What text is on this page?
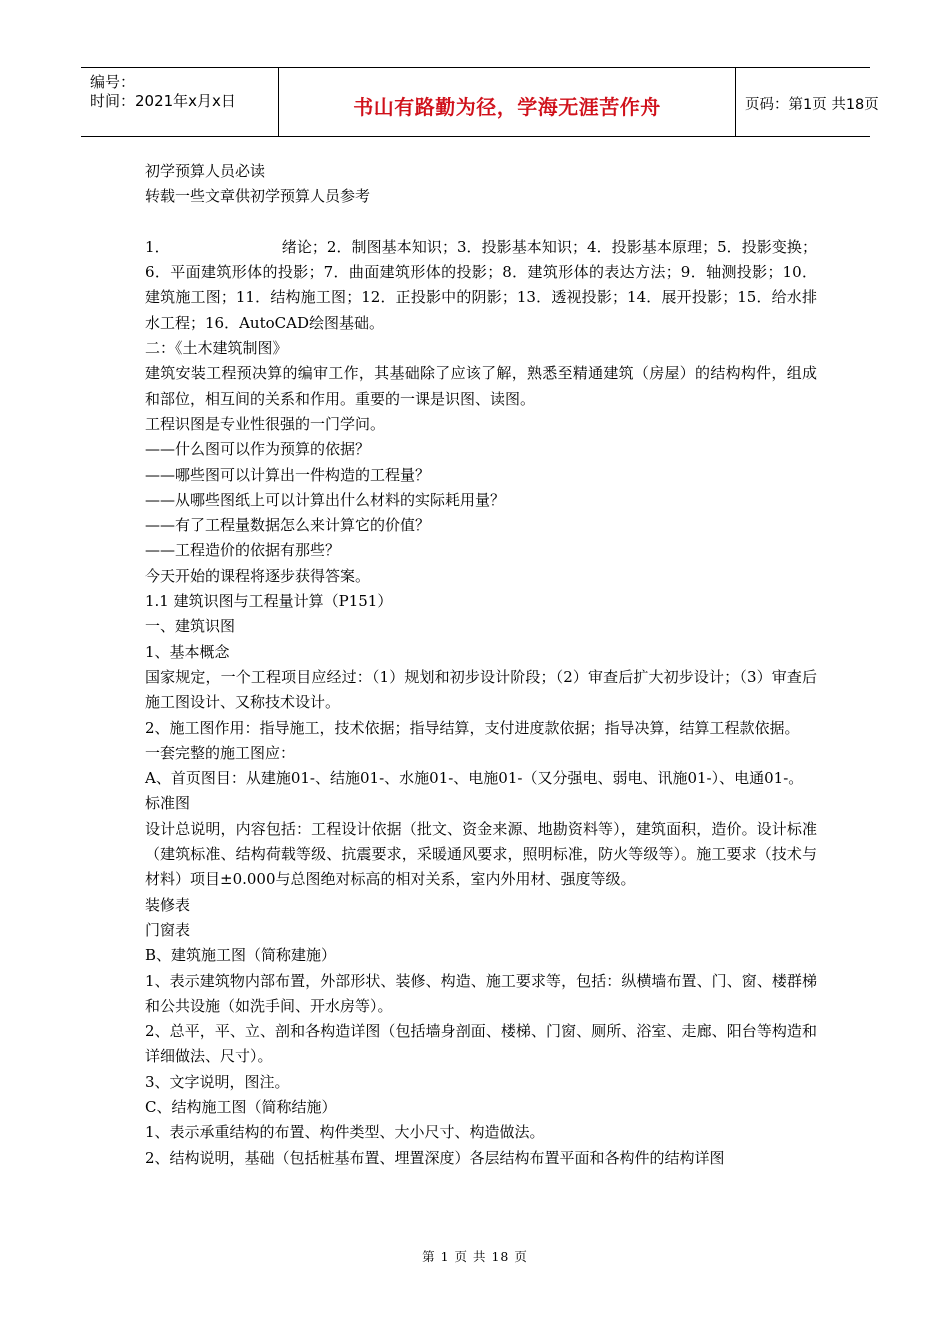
编号：
时间：2021年x月x日	书山有路勤为径，学海无涯苦作舟	页码：第1页 共18页

初学预算人员必读

转载一些文章供初学预算人员参考

1．	绪论；2．制图基本知识；3．投影基本知识；4．投影基本原理；5．投影变换；6．平面建筑形体的投影；7．曲面建筑形体的投影；8．建筑形体的表达方法；9．轴测投影；10．建筑施工图；11．结构施工图；12．正投影中的阴影；13．透视投影；14．展开投影；15．给水排水工程；16．AutoCAD绘图基础。

二：《土木建筑制图》

建筑安装工程预决算的编审工作，其基础除了应该了解，熟悉至精通建筑（房屋）的结构构件，组成和部位，相互间的关系和作用。重要的一课是识图、读图。

工程识图是专业性很强的一门学问。

——什么图可以作为预算的依据？

——哪些图可以计算出一件构造的工程量？

——从哪些图纸上可以计算出什么材料的实际耗用量？

——有了工程量数据怎么来计算它的价值？

——工程造价的依据有那些？

今天开始的课程将逐步获得答案。

1.1 建筑识图与工程量计算（P151）

一、建筑识图

1、基本概念

国家规定，一个工程项目应经过：（1）规划和初步设计阶段；（2）审查后扩大初步设计；（3）审查后施工图设计、又称技术设计。

2、施工图作用：指导施工，技术依据；指导结算，支付进度款依据；指导决算，结算工程款依据。

一套完整的施工图应：

A、首页图目：从建施01-、结施01-、水施01-、电施01-（又分强电、弱电、讯施01-）、电通01-。

标准图

设计总说明，内容包括：工程设计依据（批文、资金来源、地勘资料等），建筑面积，造价。设计标准（建筑标准、结构荷载等级、抗震要求，采暖通风要求，照明标准，防火等级等）。施工要求（技术与材料）项目±0.000与总图绝对标高的相对关系，室内外用材、强度等级。

装修表

门窗表

B、建筑施工图（简称建施）

1、表示建筑物内部布置，外部形状、装修、构造、施工要求等，包括：纵横墙布置、门、窗、楼群梯和公共设施（如洗手间、开水房等）。

2、总平，平、立、剖和各构造详图（包括墙身剖面、楼梯、门窗、厕所、浴室、走廊、阳台等构造和详细做法、尺寸）。

3、文字说明，图注。

C、结构施工图（简称结施）

1、表示承重结构的布置、构件类型、大小尺寸、构造做法。

2、结构说明，基础（包括桩基布置、埋置深度）各层结构布置平面和各构件的结构详图

第 1 页 共 18 页
